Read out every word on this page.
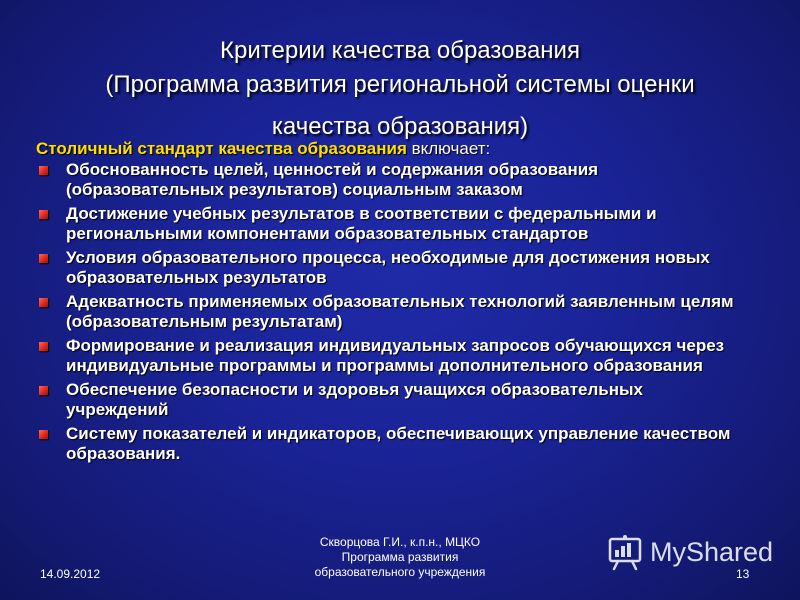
Критерии качества образования
(Программа развития региональной системы оценки
качества образования)
Столичный стандарт качества образования включает:
Обоснованность целей, ценностей и содержания образования (образовательных результатов) социальным заказом
Достижение учебных результатов в соответствии с федеральными и региональными компонентами образовательных стандартов
Условия образовательного процесса, необходимые для достижения новых образовательных результатов
Адекватность применяемых образовательных технологий заявленным целям (образовательным результатам)
Формирование и реализация индивидуальных запросов обучающихся через индивидуальные программы и программы дополнительного образования
Обеспечение безопасности и здоровья учащихся образовательных учреждений
Систему показателей и индикаторов, обеспечивающих управление качеством образования.
14.09.2012
Скворцова Г.И., к.п.н., МЦКО
Программа развития
образовательного учреждения	13
MyShared
